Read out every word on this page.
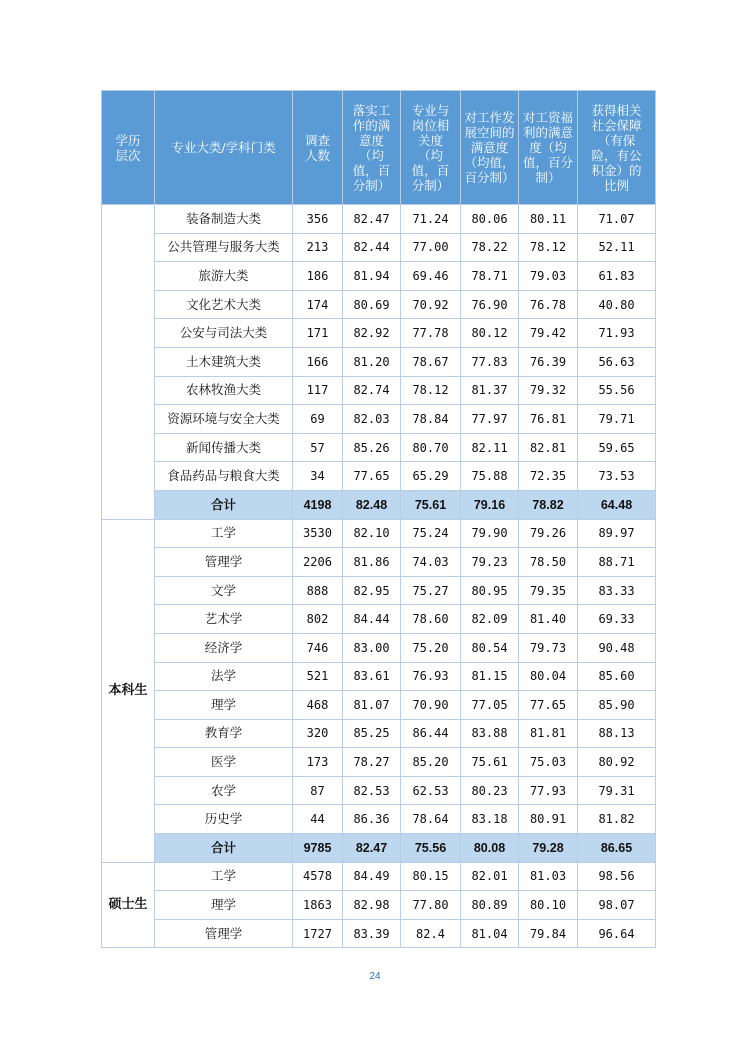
学历层次	专业大类/学科门类	调查人数	落实工作的满意度（均值，百分制）	专业与岗位相关度（均值，百分制）	对工作发展空间的满意度（均值，百分制）	对工资福利的满意度（均值，百分制）	获得相关社会保障（有保险，有公积金）的比例
	装备制造大类	356	82.47	71.24	80.06	80.11	71.07
	公共管理与服务大类	213	82.44	77.00	78.22	78.12	52.11
	旅游大类	186	81.94	69.46	78.71	79.03	61.83
	文化艺术大类	174	80.69	70.92	76.90	76.78	40.80
	公安与司法大类	171	82.92	77.78	80.12	79.42	71.93
	土木建筑大类	166	81.20	78.67	77.83	76.39	56.63
	农林牧渔大类	117	82.74	78.12	81.37	79.32	55.56
	资源环境与安全大类	69	82.03	78.84	77.97	76.81	79.71
	新闻传播大类	57	85.26	80.70	82.11	82.81	59.65
	食品药品与粮食大类	34	77.65	65.29	75.88	72.35	73.53
	合计	4198	82.48	75.61	79.16	78.82	64.48
本科生	工学	3530	82.10	75.24	79.90	79.26	89.97
	管理学	2206	81.86	74.03	79.23	78.50	88.71
	文学	888	82.95	75.27	80.95	79.35	83.33
	艺术学	802	84.44	78.60	82.09	81.40	69.33
	经济学	746	83.00	75.20	80.54	79.73	90.48
	法学	521	83.61	76.93	81.15	80.04	85.60
	理学	468	81.07	70.90	77.05	77.65	85.90
	教育学	320	85.25	86.44	83.88	81.81	88.13
	医学	173	78.27	85.20	75.61	75.03	80.92
	农学	87	82.53	62.53	80.23	77.93	79.31
	历史学	44	86.36	78.64	83.18	80.91	81.82
	合计	9785	82.47	75.56	80.08	79.28	86.65
硕士生	工学	4578	84.49	80.15	82.01	81.03	98.56
	理学	1863	82.98	77.80	80.89	80.10	98.07
	管理学	1727	83.39	82.4	81.04	79.84	96.64
24
